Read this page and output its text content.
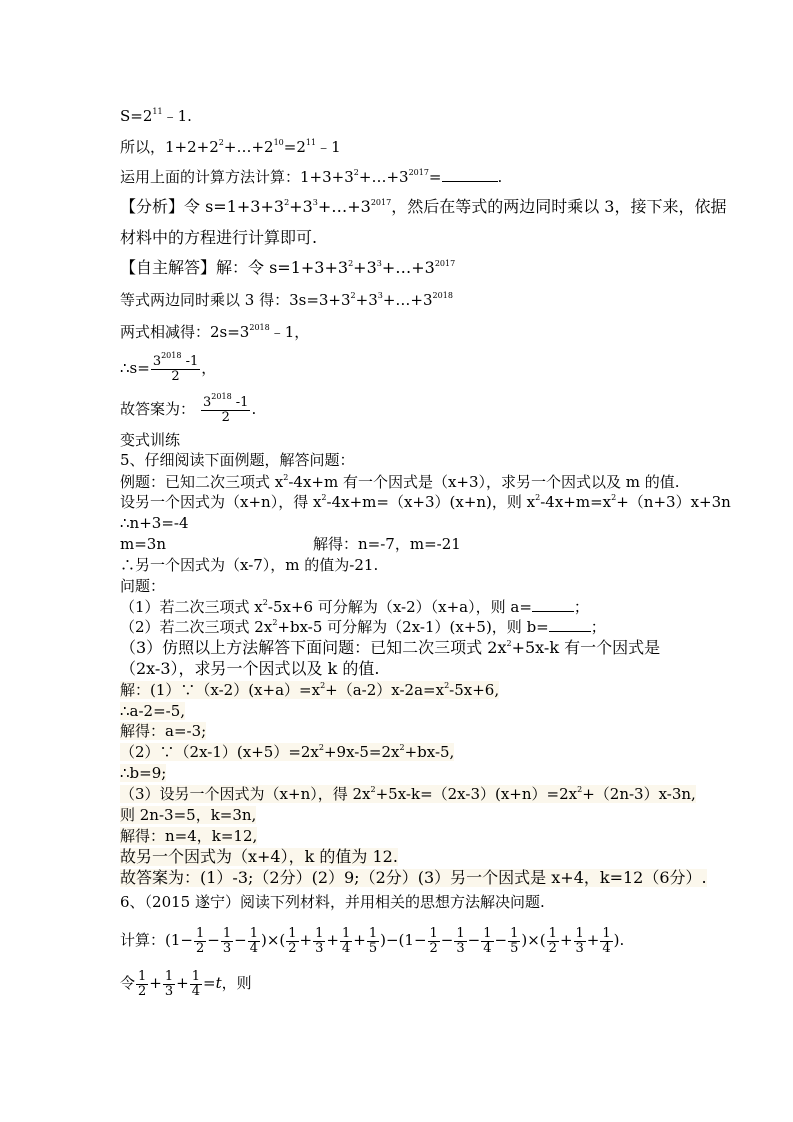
$S=2^{11}﹣1$.
所以，$1+2+2^2+\dots+2^{10}=2^{11}﹣1$
运用上面的计算方法计算：$1+3+3^2+\dots+3^{2017}=$	.
【分析】令 $s=1+3+3^2+3^3+\dots+3^{2017}$，然后在等式的两边同时乘以 3，接下来，依据
材料中的方程进行计算即可.
【自主解答】解：令 $s=1+3+3^2+3^3+\dots+3^{2017}$
等式两边同时乘以 3 得：$3s=3+3^2+3^3+\dots+3^{2018}$
两式相减得：$2s=3^{2018}﹣1$，
∴s= $\frac{3^{2018} -1}{2}$ ，
故答案为： $\frac{3^{2018} -1}{2}$ .
变式训练
5、仔细阅读下面例题，解答问题：
例题：已知二次三项式 $x^2-4x+m$ 有一个因式是（x+3），求另一个因式以及 m 的值.
设另一个因式为（x+n），得 $x^2-4x+m=(x+3)(x+n)$，则 $x^2-4x+m=x^2+(n+3)x+3n$
∴n+3=-4
m=3n	解得：n=-7，m=-21
∴另一个因式为（x-7），m 的值为-21.
问题：
（1）若二次三项式 $x^2-5x+6$ 可分解为（x-2）（x+a），则 a=	；
（2）若二次三项式 $2x^2+bx-5$ 可分解为（2x-1）(x+5)，则 b=	；
（3）仿照以上方法解答下面问题：已知二次三项式 $2x^2+5x-k$ 有一个因式是
（2x-3），求另一个因式以及 k 的值.
解：$(1)\because(x-2)(x+a)=x^2+(a-2)x-2a=x^2-5x+6$,
∴a-2=-5,
解得：a=-3;
$(2)\because(2x-1)(x+5)=2x^2+9x-5=2x^2+bx-5$,
∴b=9;
（3）设另一个因式为（x+n），得 $2x^2+5x-k=(2x-3)(x+n)=2x^2+(2n-3)x-3n$,
则 2n-3=5，k=3n,
解得：n=4，k=12,
故另一个因式为（x+4），k 的值为 12.
故答案为：(1）-3;（2分）(2）9;（2分）(3）另一个因式是 x+4，k=12（6分）.
6、（2015 遂宁）阅读下列材料，并用相关的思想方法解决问题.
计算：($1- \frac{1}{2} - \frac{1}{3} - \frac{1}{4}$ )×( $\frac{1}{2} + \frac{1}{3} + \frac{1}{4} + \frac{1}{5} )-(1- \frac{1}{2} - \frac{1}{3} - \frac{1}{4} - \frac{1}{5}$ )×( $\frac{1}{2} + \frac{1}{3} + \frac{1}{4}$ ).
令 $\frac{1}{2} + \frac{1}{3} + \frac{1}{4} =t$，则
